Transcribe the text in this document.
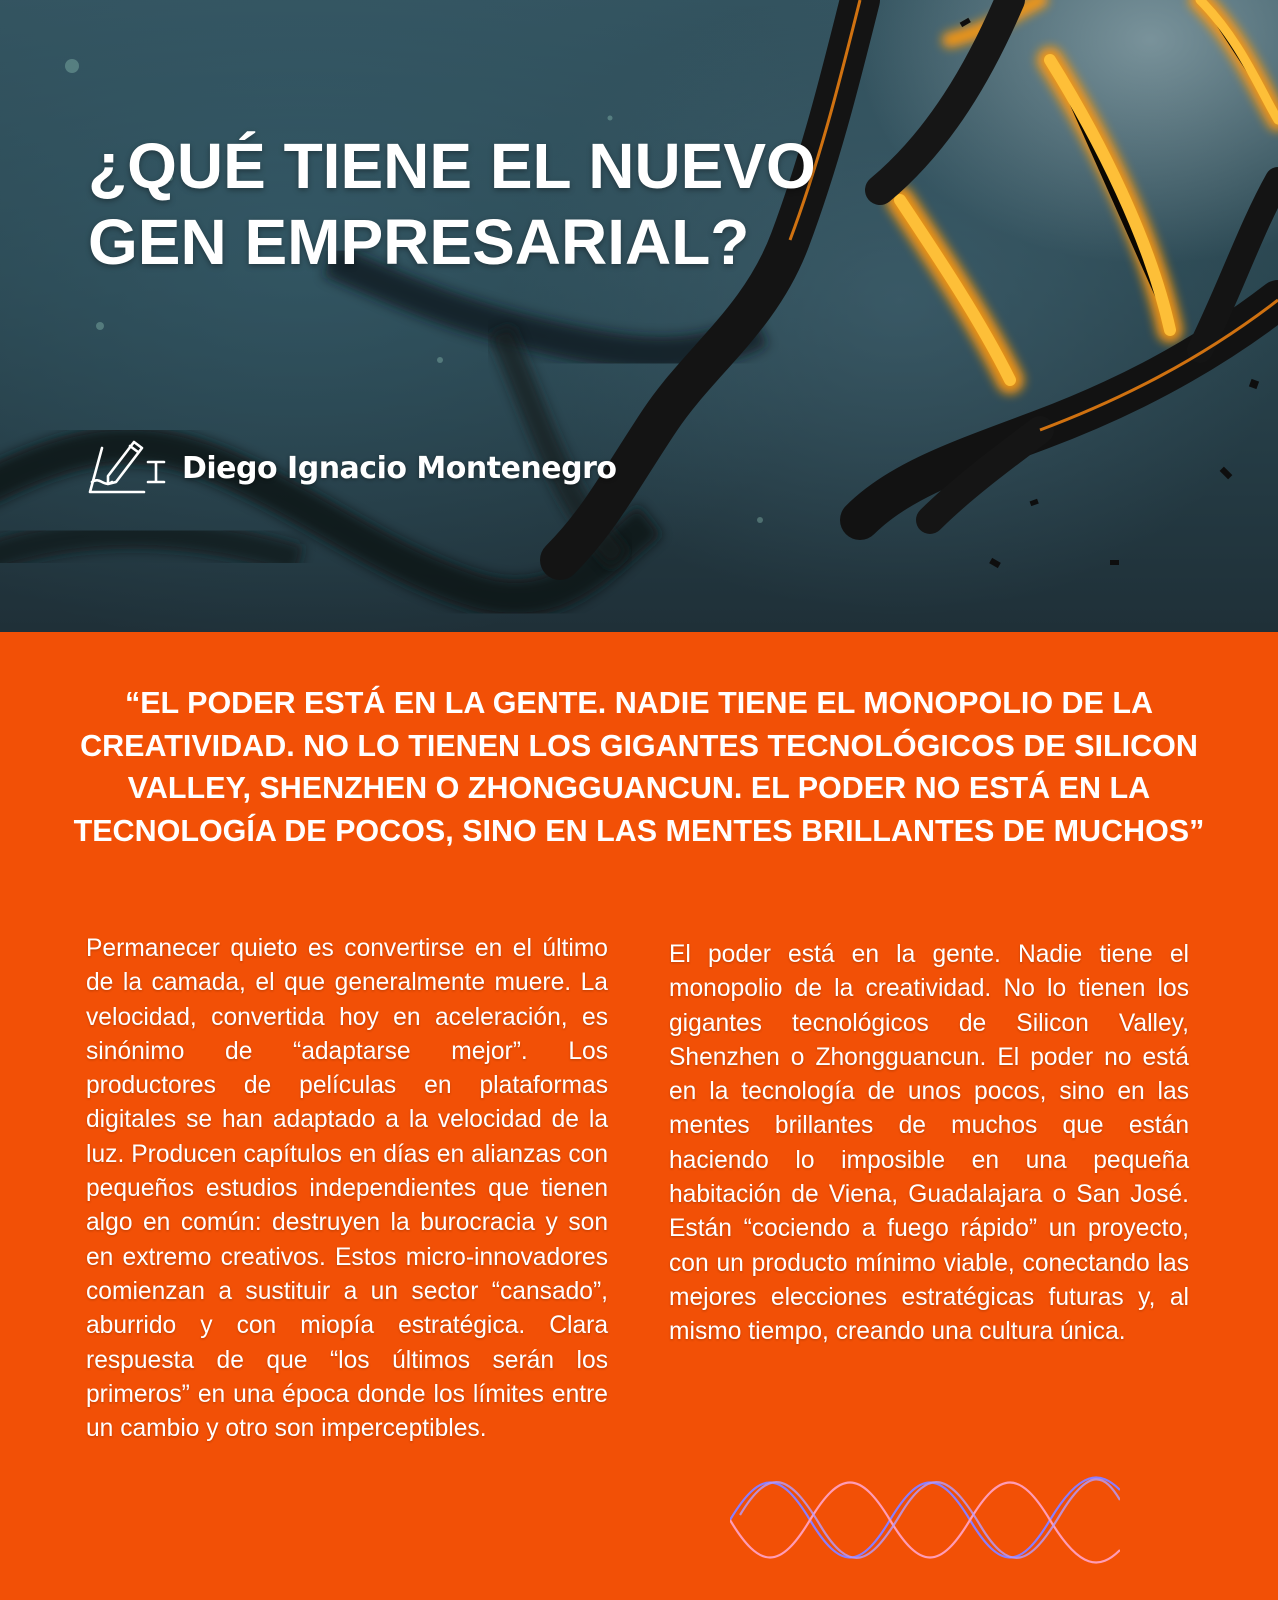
¿QUÉ TIENE EL NUEVO GEN EMPRESARIAL?
Diego Ignacio Montenegro

“EL PODER ESTÁ EN LA GENTE. NADIE TIENE EL MONOPOLIO DE LA CREATIVIDAD. NO LO TIENEN LOS GIGANTES TECNOLÓGICOS DE SILICON VALLEY, SHENZHEN O ZHONGGUANCUN. EL PODER NO ESTÁ EN LA TECNOLOGÍA DE POCOS, SINO EN LAS MENTES BRILLANTES DE MUCHOS”

Permanecer quieto es convertirse en el último de la camada, el que generalmente muere. La velocidad, convertida hoy en aceleración, es sinónimo de “adaptarse mejor”. Los productores de películas en plataformas digitales se han adaptado a la velocidad de la luz. Producen capítulos en días en alianzas con pequeños estudios independientes que tienen algo en común: destruyen la burocracia y son en extremo creativos. Estos micro-innovadores comienzan a sustituir a un sector “cansado”, aburrido y con miopía estratégica. Clara respuesta de que “los últimos serán los primeros” en una época donde los límites entre un cambio y otro son imperceptibles.

El poder está en la gente. Nadie tiene el monopolio de la creatividad. No lo tienen los gigantes tecnológicos de Silicon Valley, Shenzhen o Zhongguancun. El poder no está en la tecnología de unos pocos, sino en las mentes brillantes de muchos que están haciendo lo imposible en una pequeña habitación de Viena, Guadalajara o San José. Están “cociendo a fuego rápido” un proyecto, con un producto mínimo viable, conectando las mejores elecciones estratégicas futuras y, al mismo tiempo, creando una cultura única.
